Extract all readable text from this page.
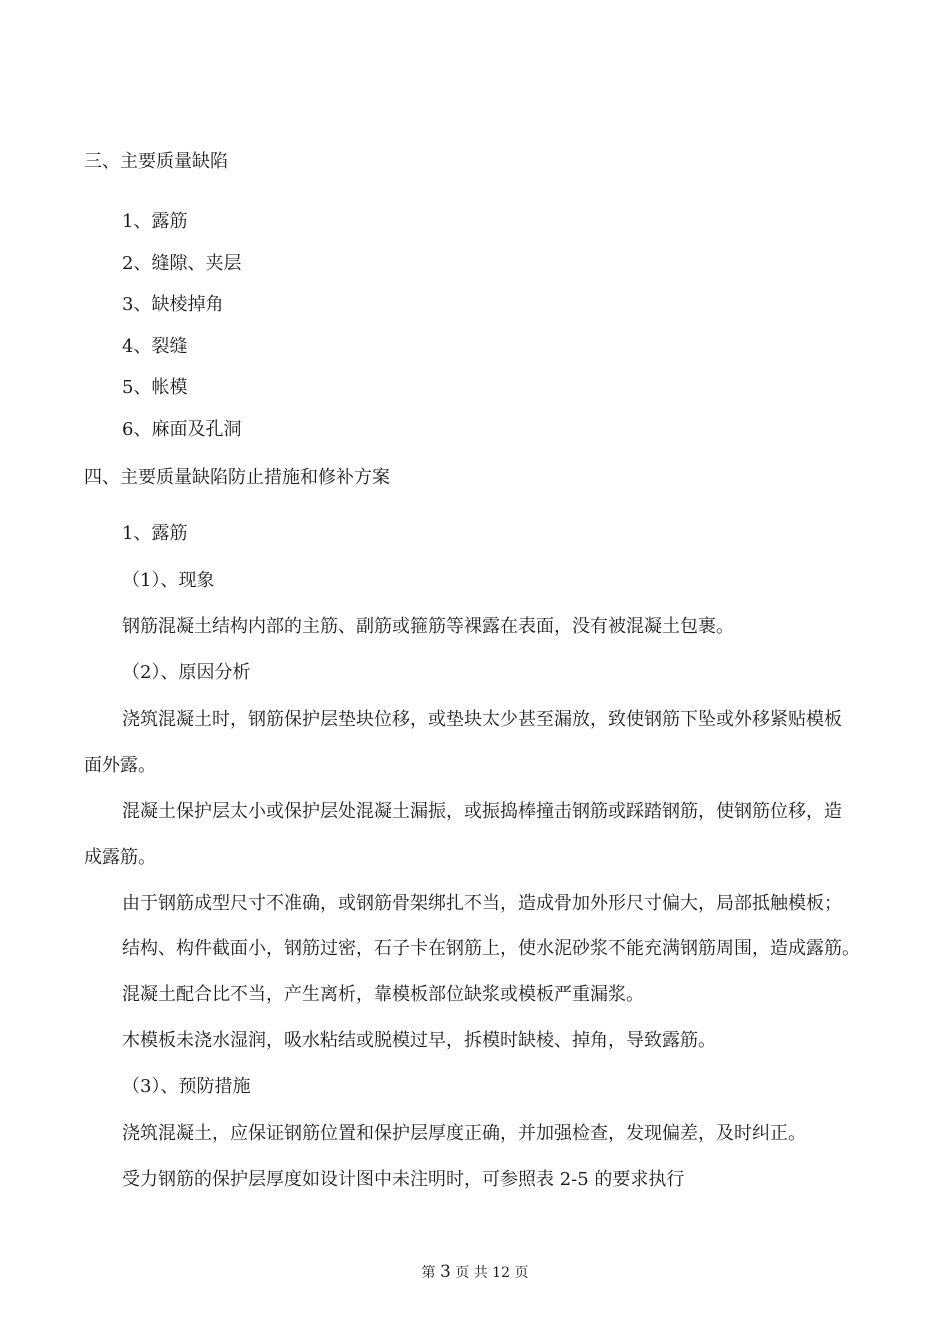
三、主要质量缺陷
1、露筋
2、缝隙、夹层
3、缺棱掉角
4、裂缝
5、帐模
6、麻面及孔洞
四、主要质量缺陷防止措施和修补方案
1、露筋
（1）、现象
钢筋混凝土结构内部的主筋、副筋或箍筋等裸露在表面，没有被混凝土包裹。
（2）、原因分析
浇筑混凝土时，钢筋保护层垫块位移，或垫块太少甚至漏放，致使钢筋下坠或外移紧贴模板
面外露。
混凝土保护层太小或保护层处混凝土漏振，或振捣棒撞击钢筋或踩踏钢筋，使钢筋位移，造
成露筋。
由于钢筋成型尺寸不准确，或钢筋骨架绑扎不当，造成骨加外形尺寸偏大，局部抵触模板；
结构、构件截面小，钢筋过密，石子卡在钢筋上，使水泥砂浆不能充满钢筋周围，造成露筋。
混凝土配合比不当，产生离析，靠模板部位缺浆或模板严重漏浆。
木模板未浇水湿润，吸水粘结或脱模过早，拆模时缺棱、掉角，导致露筋。
（3）、预防措施
浇筑混凝土，应保证钢筋位置和保护层厚度正确，并加强检查，发现偏差，及时纠正。
受力钢筋的保护层厚度如设计图中未注明时，可参照表 2-5 的要求执行
第 3 页 共 12 页
